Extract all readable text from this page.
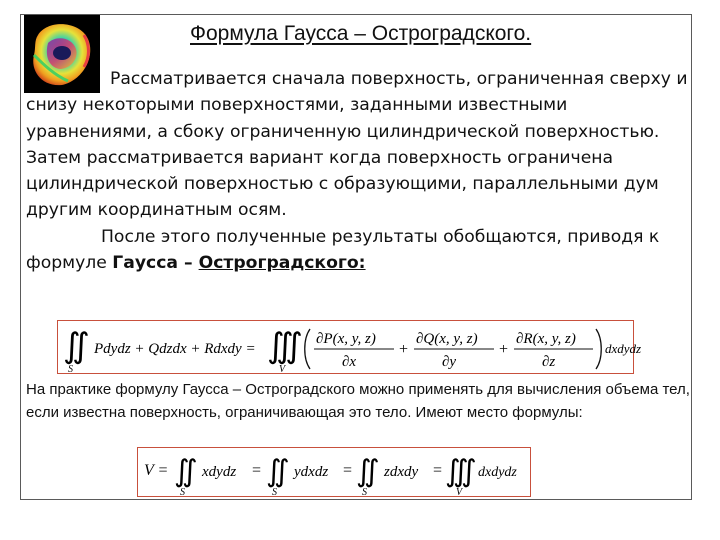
Формула Гаусса – Остроградского.

Рассматривается сначала поверхность, ограниченная сверху и снизу некоторыми поверхностями, заданными известными уравнениями, а сбоку ограниченную цилиндрической поверхностью. Затем рассматривается вариант когда поверхность ограничена цилиндрической поверхностью с образующими, параллельными дум другим координатным осям.

После этого полученные результаты обобщаются, приводя к формуле Гаусса – Остроградского:

∬
S
Pdydz + Qdzdx + Rdxdy = ∭
V
∂P(x, y, z)
∂x
+
∂Q(x, y, z)
∂y
+
∂R(x, y, z)
∂z
dxdydz

На практике формулу Гаусса – Остроградского можно применять для вычисления объема тел, если известна поверхность, ограничивающая это тело. Имеют место формулы:

V = ∬
S
xdydz = ∬
S
ydxdz = ∬
S
zdxdy = ∭
V
dxdydz
